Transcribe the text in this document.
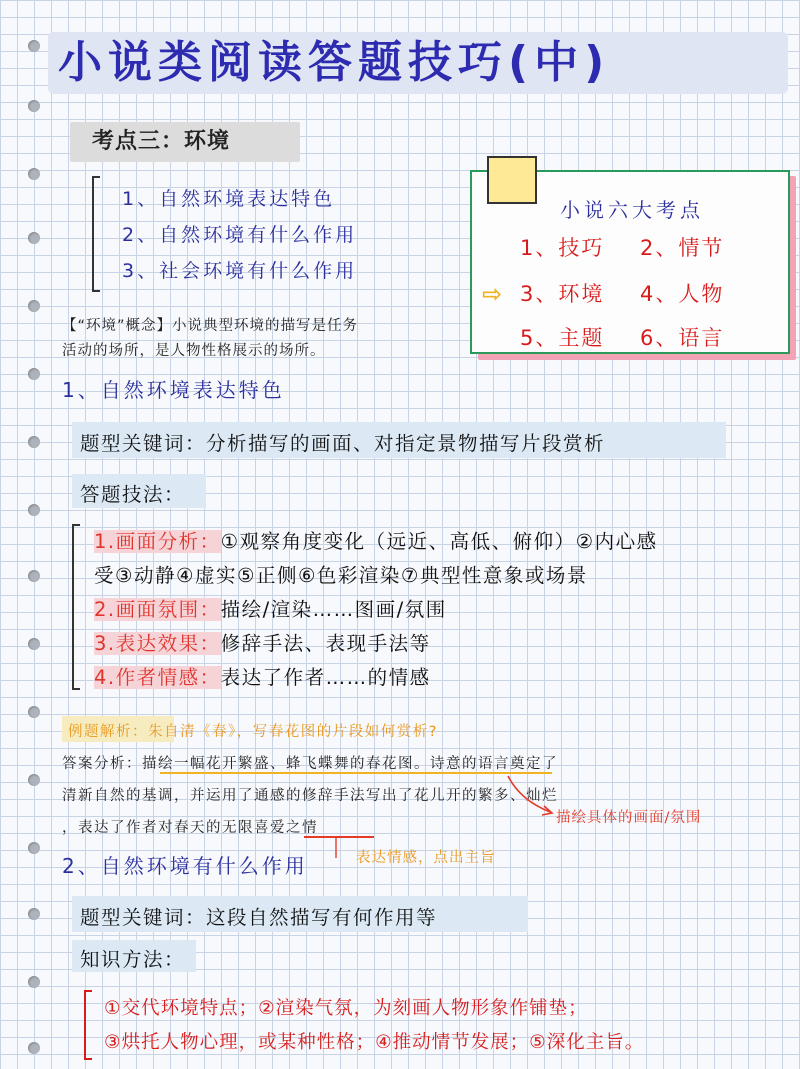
小说类阅读答题技巧(中)
考点三：环境
1、自然环境表达特色
2、自然环境有什么作用
3、社会环境有什么作用
小说六大考点
1、技巧 2、情节
⇨ 3、环境 4、人物
5、主题 6、语言
【“环境”概念】小说典型环境的描写是任务
活动的场所，是人物性格展示的场所。
1、自然环境表达特色
题型关键词：分析描写的画面、对指定景物描写片段赏析
答题技法：
1.画面分析：①观察角度变化（远近、高低、俯仰）②内心感
受③动静④虚实⑤正侧⑥色彩渲染⑦典型性意象或场景
2.画面氛围：描绘/渲染……图画/氛围
3.表达效果：修辞手法、表现手法等
4.作者情感：表达了作者……的情感
例题解析：朱自清《春》，写春花图的片段如何赏析?
答案分析：描绘一幅花开繁盛、蜂飞蝶舞的春花图。诗意的语言奠定了
清新自然的基调，并运用了通感的修辞手法写出了花儿开的繁多、灿烂
，表达了作者对春天的无限喜爱之情
描绘具体的画面/氛围
表达情感，点出主旨
2、自然环境有什么作用
题型关键词：这段自然描写有何作用等
知识方法：
①交代环境特点；②渲染气氛，为刻画人物形象作铺垫；
③烘托人物心理，或某种性格；④推动情节发展；⑤深化主旨。
